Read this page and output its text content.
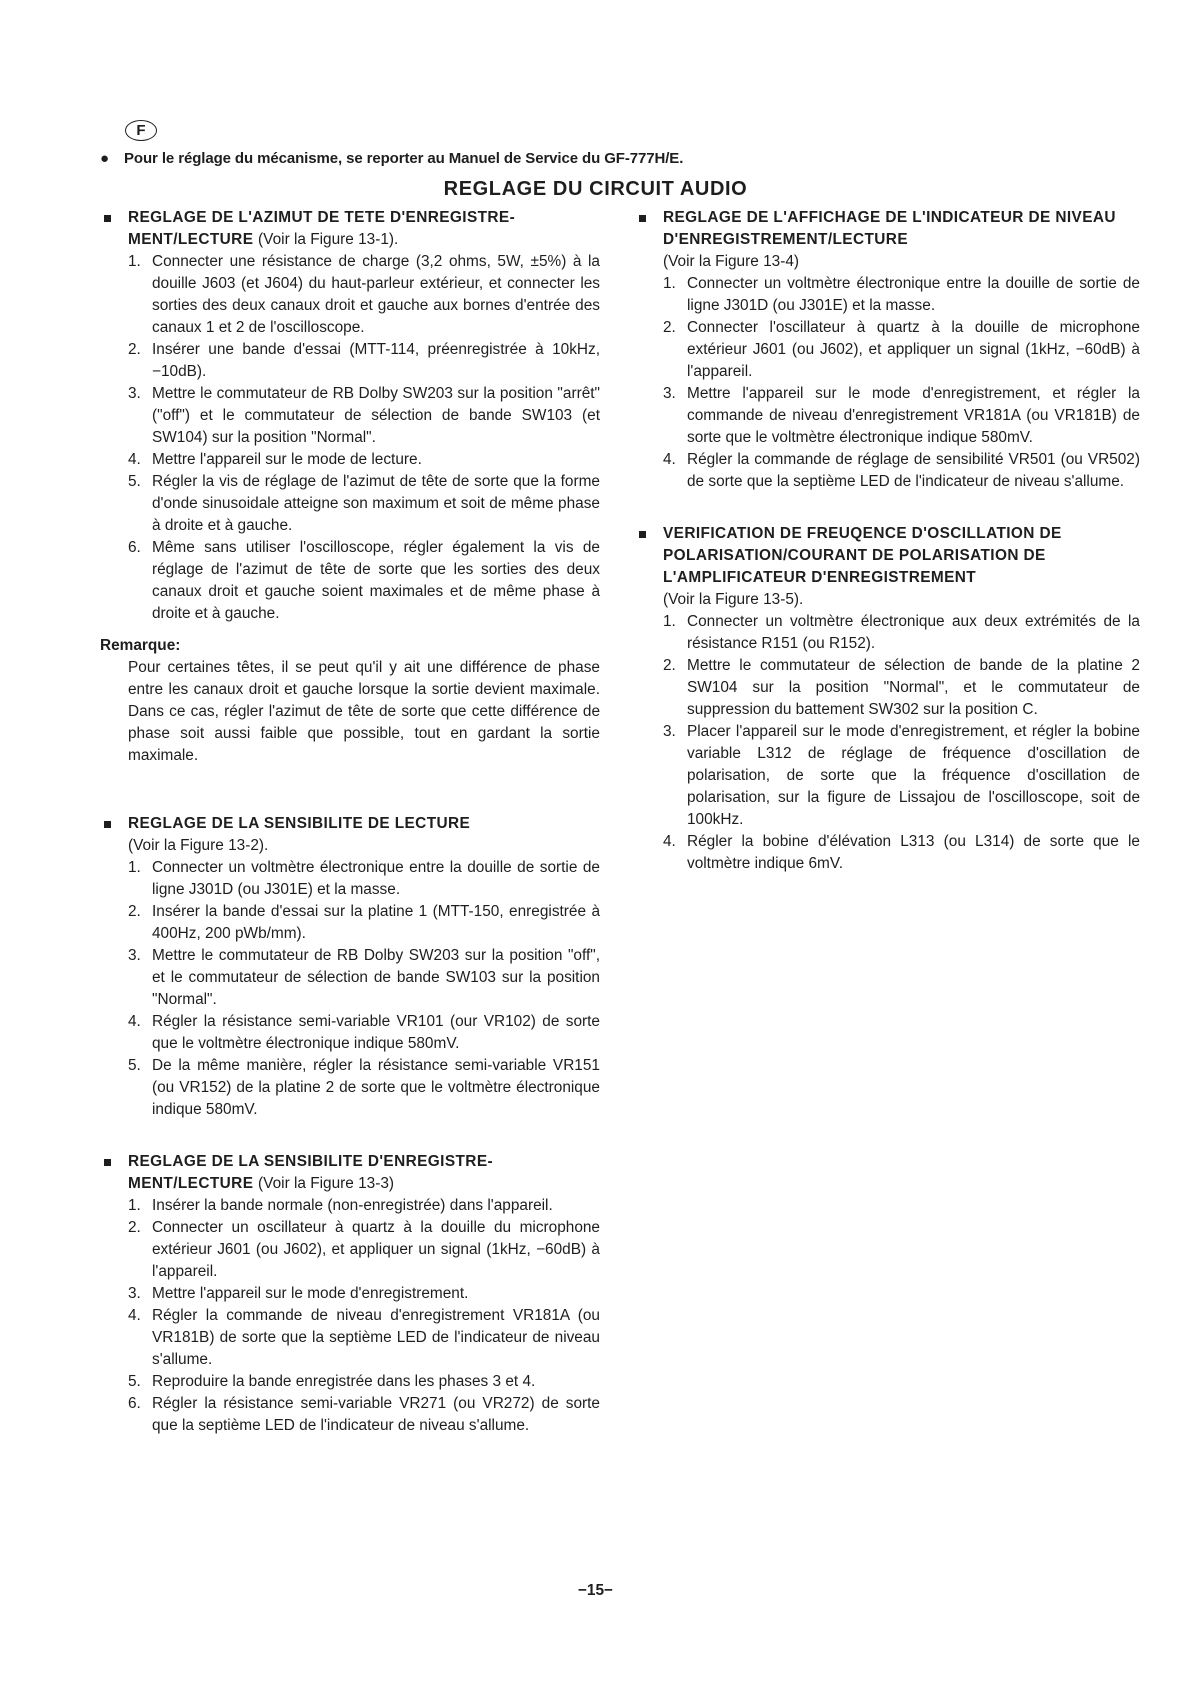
F
● Pour le réglage du mécanisme, se reporter au Manuel de Service du GF-777H/E.
REGLAGE DU CIRCUIT AUDIO
REGLAGE DE L'AZIMUT DE TETE D'ENREGISTRE-MENT/LECTURE (Voir la Figure 13-1).
1. Connecter une résistance de charge (3,2 ohms, 5W, ±5%) à la douille J603 (et J604) du haut-parleur extérieur, et connecter les sorties des deux canaux droit et gauche aux bornes d'entrée des canaux 1 et 2 de l'oscilloscope.
2. Insérer une bande d'essai (MTT-114, préenregistrée à 10kHz, −10dB).
3. Mettre le commutateur de RB Dolby SW203 sur la position "arrêt" ("off") et le commutateur de sélection de bande SW103 (et SW104) sur la position "Normal".
4. Mettre l'appareil sur le mode de lecture.
5. Régler la vis de réglage de l'azimut de tête de sorte que la forme d'onde sinusoidale atteigne son maximum et soit de même phase à droite et à gauche.
6. Même sans utiliser l'oscilloscope, régler également la vis de réglage de l'azimut de tête de sorte que les sorties des deux canaux droit et gauche soient maximales et de même phase à droite et à gauche.
Remarque:
Pour certaines têtes, il se peut qu'il y ait une différence de phase entre les canaux droit et gauche lorsque la sortie devient maximale. Dans ce cas, régler l'azimut de tête de sorte que cette différence de phase soit aussi faible que possible, tout en gardant la sortie maximale.
REGLAGE DE LA SENSIBILITE DE LECTURE
(Voir la Figure 13-2).
1. Connecter un voltmètre électronique entre la douille de sortie de ligne J301D (ou J301E) et la masse.
2. Insérer la bande d'essai sur la platine 1 (MTT-150, enregistrée à 400Hz, 200 pWb/mm).
3. Mettre le commutateur de RB Dolby SW203 sur la position "off", et le commutateur de sélection de bande SW103 sur la position "Normal".
4. Régler la résistance semi-variable VR101 (our VR102) de sorte que le voltmètre électronique indique 580mV.
5. De la même manière, régler la résistance semi-variable VR151 (ou VR152) de la platine 2 de sorte que le voltmètre électronique indique 580mV.
REGLAGE DE LA SENSIBILITE D'ENREGISTRE-MENT/LECTURE (Voir la Figure 13-3)
1. Insérer la bande normale (non-enregistrée) dans l'appareil.
2. Connecter un oscillateur à quartz à la douille du microphone extérieur J601 (ou J602), et appliquer un signal (1kHz, −60dB) à l'appareil.
3. Mettre l'appareil sur le mode d'enregistrement.
4. Régler la commande de niveau d'enregistrement VR181A (ou VR181B) de sorte que la septième LED de l'indicateur de niveau s'allume.
5. Reproduire la bande enregistrée dans les phases 3 et 4.
6. Régler la résistance semi-variable VR271 (ou VR272) de sorte que la septième LED de l'indicateur de niveau s'allume.
REGLAGE DE L'AFFICHAGE DE L'INDICATEUR DE NIVEAU D'ENREGISTREMENT/LECTURE
(Voir la Figure 13-4)
1. Connecter un voltmètre électronique entre la douille de sortie de ligne J301D (ou J301E) et la masse.
2. Connecter l'oscillateur à quartz à la douille de microphone extérieur J601 (ou J602), et appliquer un signal (1kHz, −60dB) à l'appareil.
3. Mettre l'appareil sur le mode d'enregistrement, et régler la commande de niveau d'enregistrement VR181A (ou VR181B) de sorte que le voltmètre électronique indique 580mV.
4. Régler la commande de réglage de sensibilité VR501 (ou VR502) de sorte que la septième LED de l'indicateur de niveau s'allume.
VERIFICATION DE FREUQENCE D'OSCILLATION DE POLARISATION/COURANT DE POLARISATION DE L'AMPLIFICATEUR D'ENREGISTREMENT
(Voir la Figure 13-5).
1. Connecter un voltmètre électronique aux deux extrémités de la résistance R151 (ou R152).
2. Mettre le commutateur de sélection de bande de la platine 2 SW104 sur la position "Normal", et le commutateur de suppression du battement SW302 sur la position C.
3. Placer l'appareil sur le mode d'enregistrement, et régler la bobine variable L312 de réglage de fréquence d'oscillation de polarisation, de sorte que la fréquence d'oscillation de polarisation, sur la figure de Lissajou de l'oscilloscope, soit de 100kHz.
4. Régler la bobine d'élévation L313 (ou L314) de sorte que le voltmètre indique 6mV.
−15−
